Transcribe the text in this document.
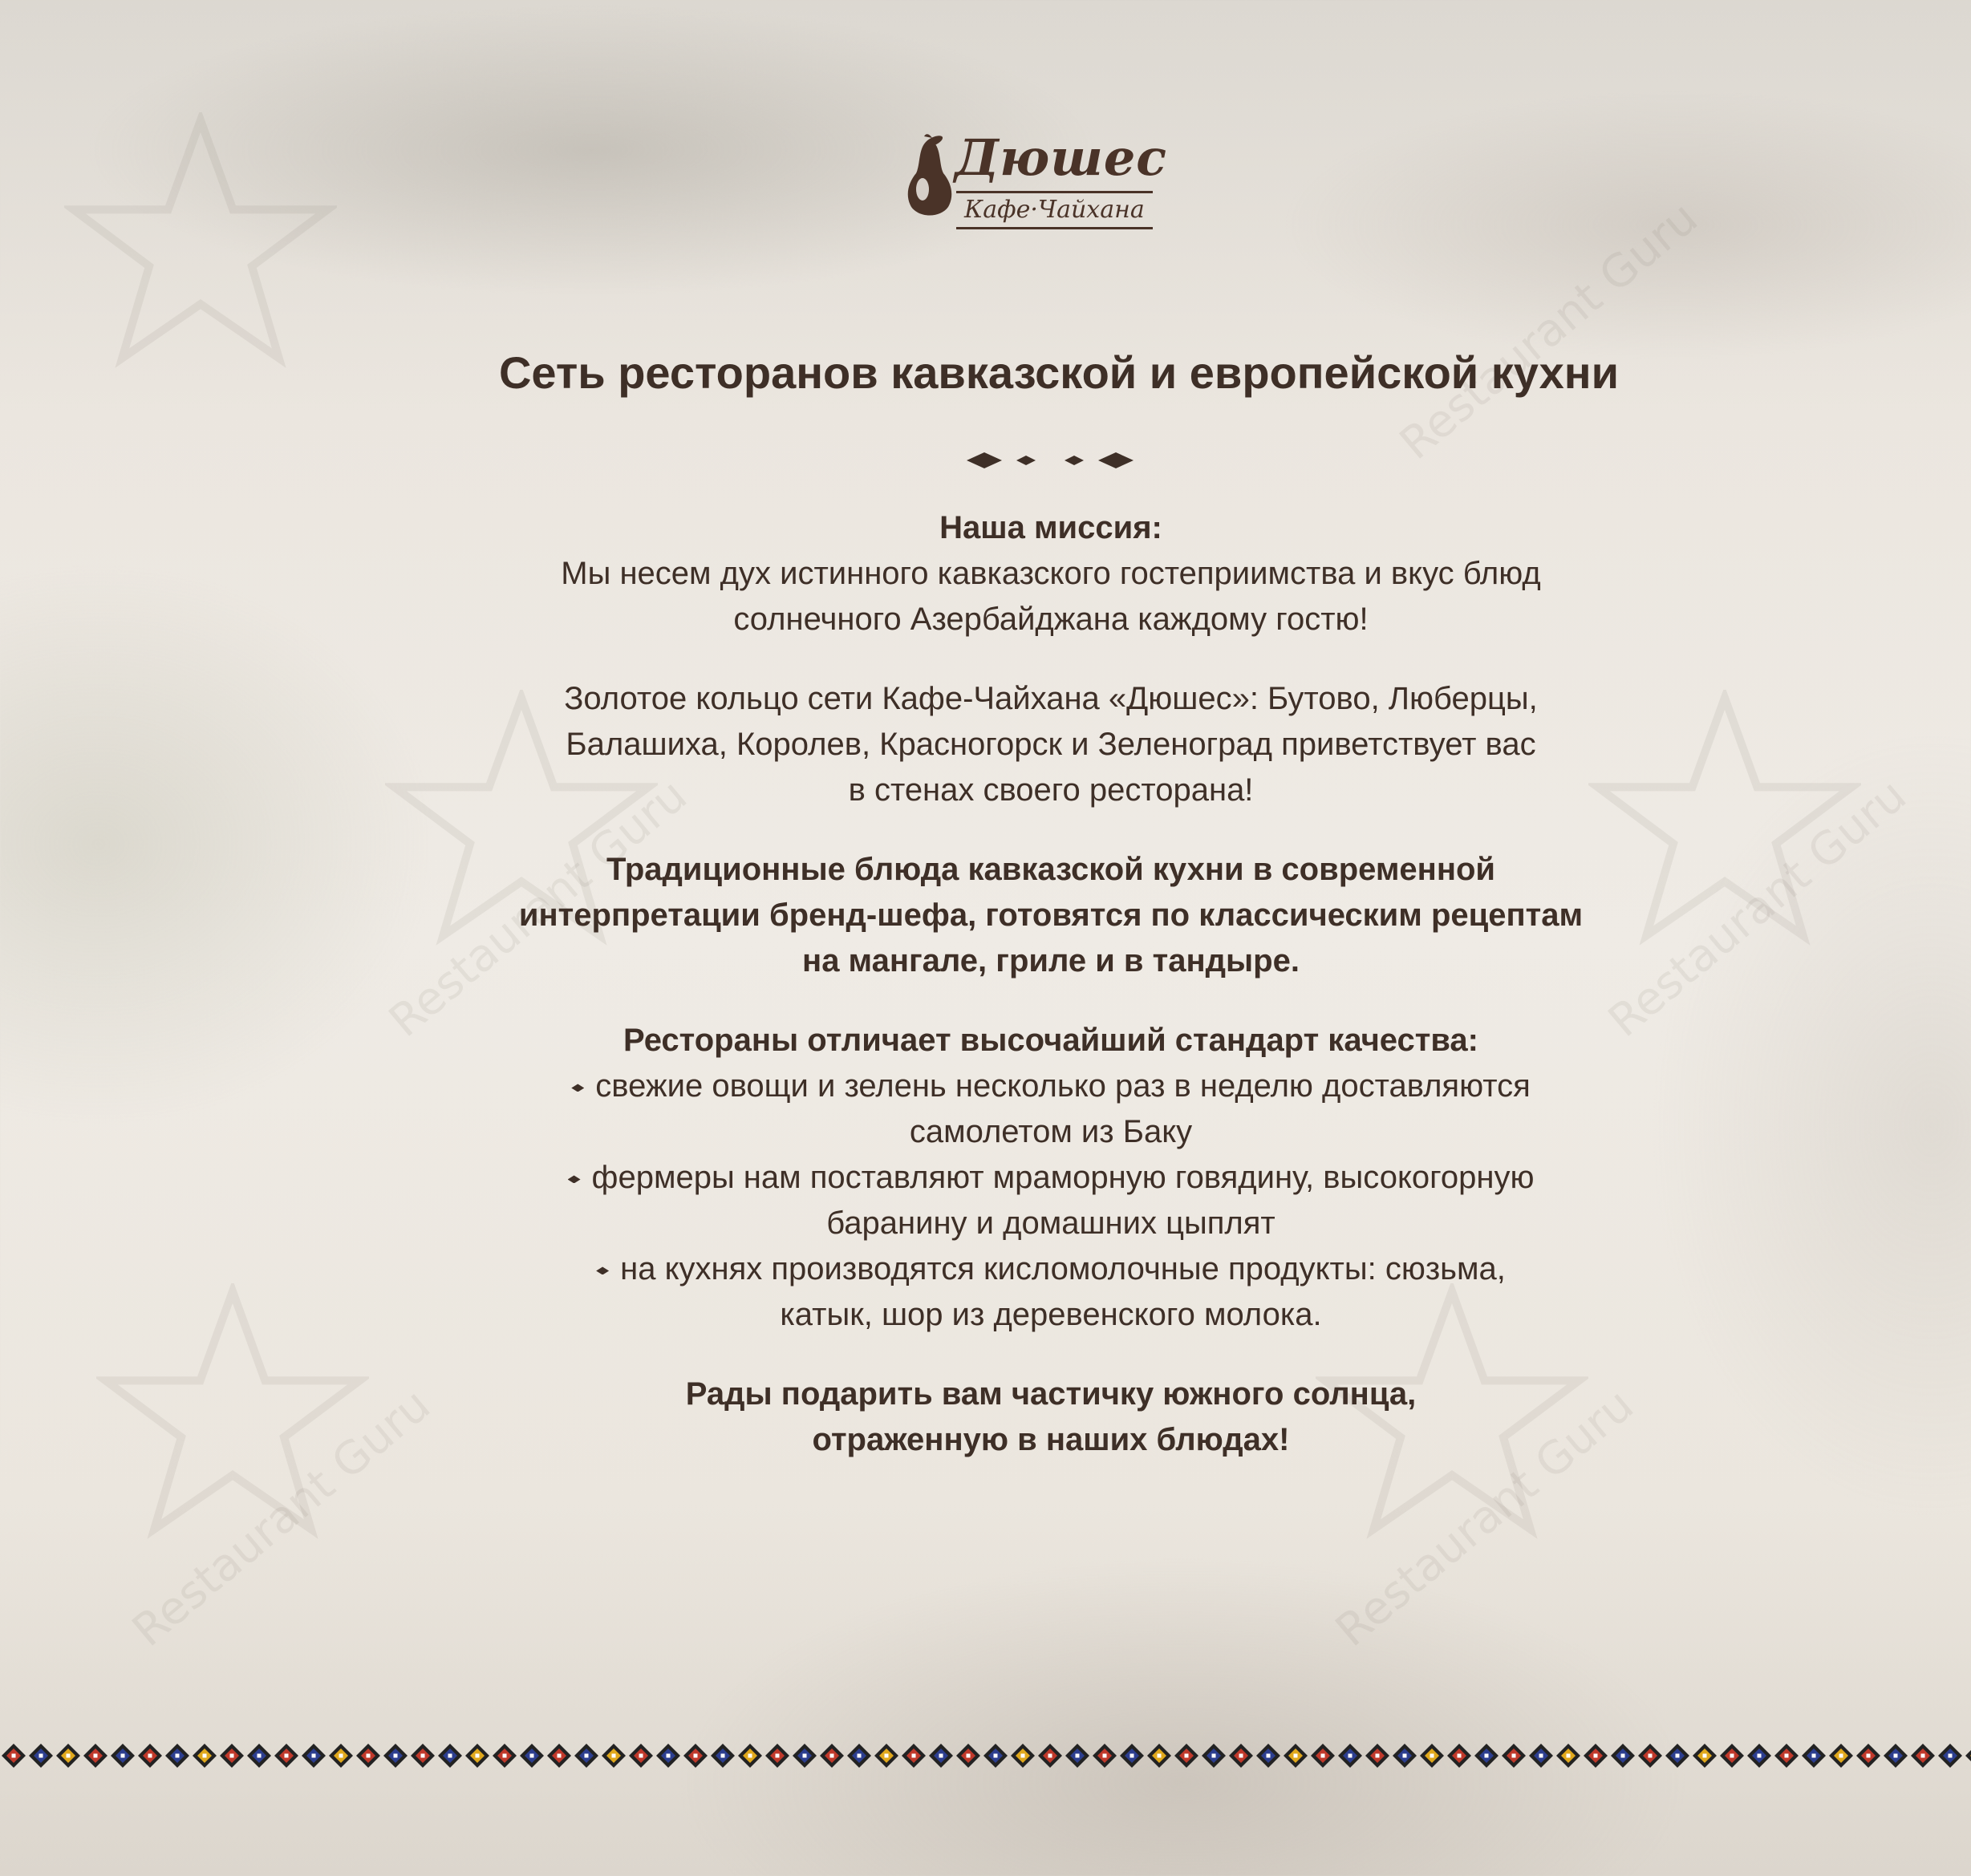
Restaurant Guru
Restaurant Guru	Restaurant Guru
Restaurant Guru	Restaurant Guru
Дюшес
Кафе·Чайхана
Сеть ресторанов кавказской и европейской кухни

Наша миссия:

Мы несем дух истинного кавказского гостеприимства и вкус блюд

солнечного Азербайджана каждому гостю!

Золотое кольцо сети Кафе-Чайхана «Дюшес»: Бутово, Люберцы,

Балашиха, Королев, Красногорск и Зеленоград приветствует вас

в стенах своего ресторана!

Традиционные блюда кавказской кухни в современной

интерпретации бренд-шефа, готовятся по классическим рецептам

на мангале, гриле и в тандыре.

Рестораны отличает высочайший стандарт качества:

свежие овощи и зелень несколько раз в неделю доставляются

самолетом из Баку

фермеры нам поставляют мраморную говядину, высокогорную

баранину и домашних цыплят

на кухнях производятся кисломолочные продукты: сюзьма,

катык, шор из деревенского молока.

Рады подарить вам частичку южного солнца,

отраженную в наших блюдах!
